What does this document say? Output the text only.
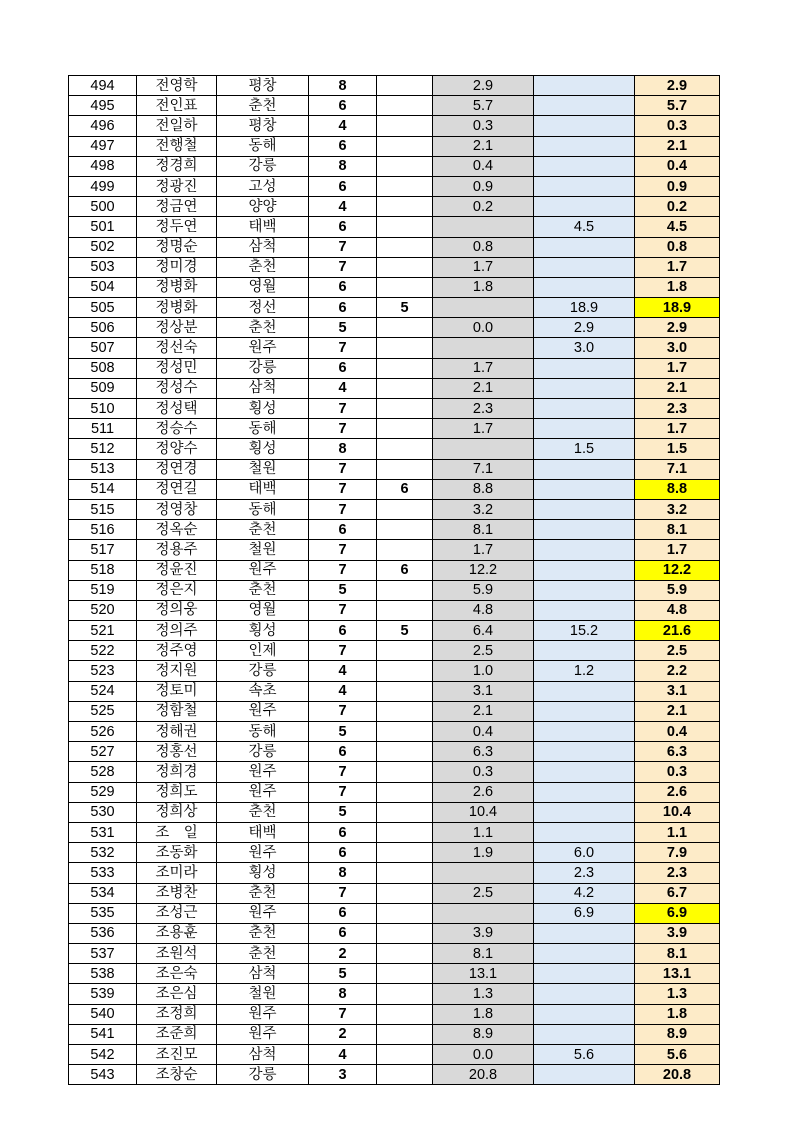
494	전영학	평창	8		2.9		2.9
495	전인표	춘천	6		5.7		5.7
496	전일하	평창	4		0.3		0.3
497	전행철	동해	6		2.1		2.1
498	정경희	강릉	8		0.4		0.4
499	정광진	고성	6		0.9		0.9
500	정금연	양양	4		0.2		0.2
501	정두연	태백	6			4.5	4.5
502	정명순	삼척	7		0.8		0.8
503	정미경	춘천	7		1.7		1.7
504	정병화	영월	6		1.8		1.8
505	정병화	정선	6	5		18.9	18.9
506	정상분	춘천	5		0.0	2.9	2.9
507	정선숙	원주	7			3.0	3.0
508	정성민	강릉	6		1.7		1.7
509	정성수	삼척	4		2.1		2.1
510	정성택	횡성	7		2.3		2.3
511	정승수	동해	7		1.7		1.7
512	정양수	횡성	8			1.5	1.5
513	정연경	철원	7		7.1		7.1
514	정연길	태백	7	6	8.8		8.8
515	정영창	동해	7		3.2		3.2
516	정옥순	춘천	6		8.1		8.1
517	정용주	철원	7		1.7		1.7
518	정윤진	원주	7	6	12.2		12.2
519	정은지	춘천	5		5.9		5.9
520	정의웅	영월	7		4.8		4.8
521	정의주	횡성	6	5	6.4	15.2	21.6
522	정주영	인제	7		2.5		2.5
523	정지원	강릉	4		1.0	1.2	2.2
524	정토미	속초	4		3.1		3.1
525	정함철	원주	7		2.1		2.1
526	정해권	동해	5		0.4		0.4
527	정홍선	강릉	6		6.3		6.3
528	정희경	원주	7		0.3		0.3
529	정희도	원주	7		2.6		2.6
530	정희상	춘천	5		10.4		10.4
531	조　일	태백	6		1.1		1.1
532	조동화	원주	6		1.9	6.0	7.9
533	조미라	횡성	8			2.3	2.3
534	조병찬	춘천	7		2.5	4.2	6.7
535	조성근	원주	6			6.9	6.9
536	조용훈	춘천	6		3.9		3.9
537	조원석	춘천	2		8.1		8.1
538	조은숙	삼척	5		13.1		13.1
539	조은심	철원	8		1.3		1.3
540	조정희	원주	7		1.8		1.8
541	조준희	원주	2		8.9		8.9
542	조진모	삼척	4		0.0	5.6	5.6
543	조창순	강릉	3		20.8		20.8
